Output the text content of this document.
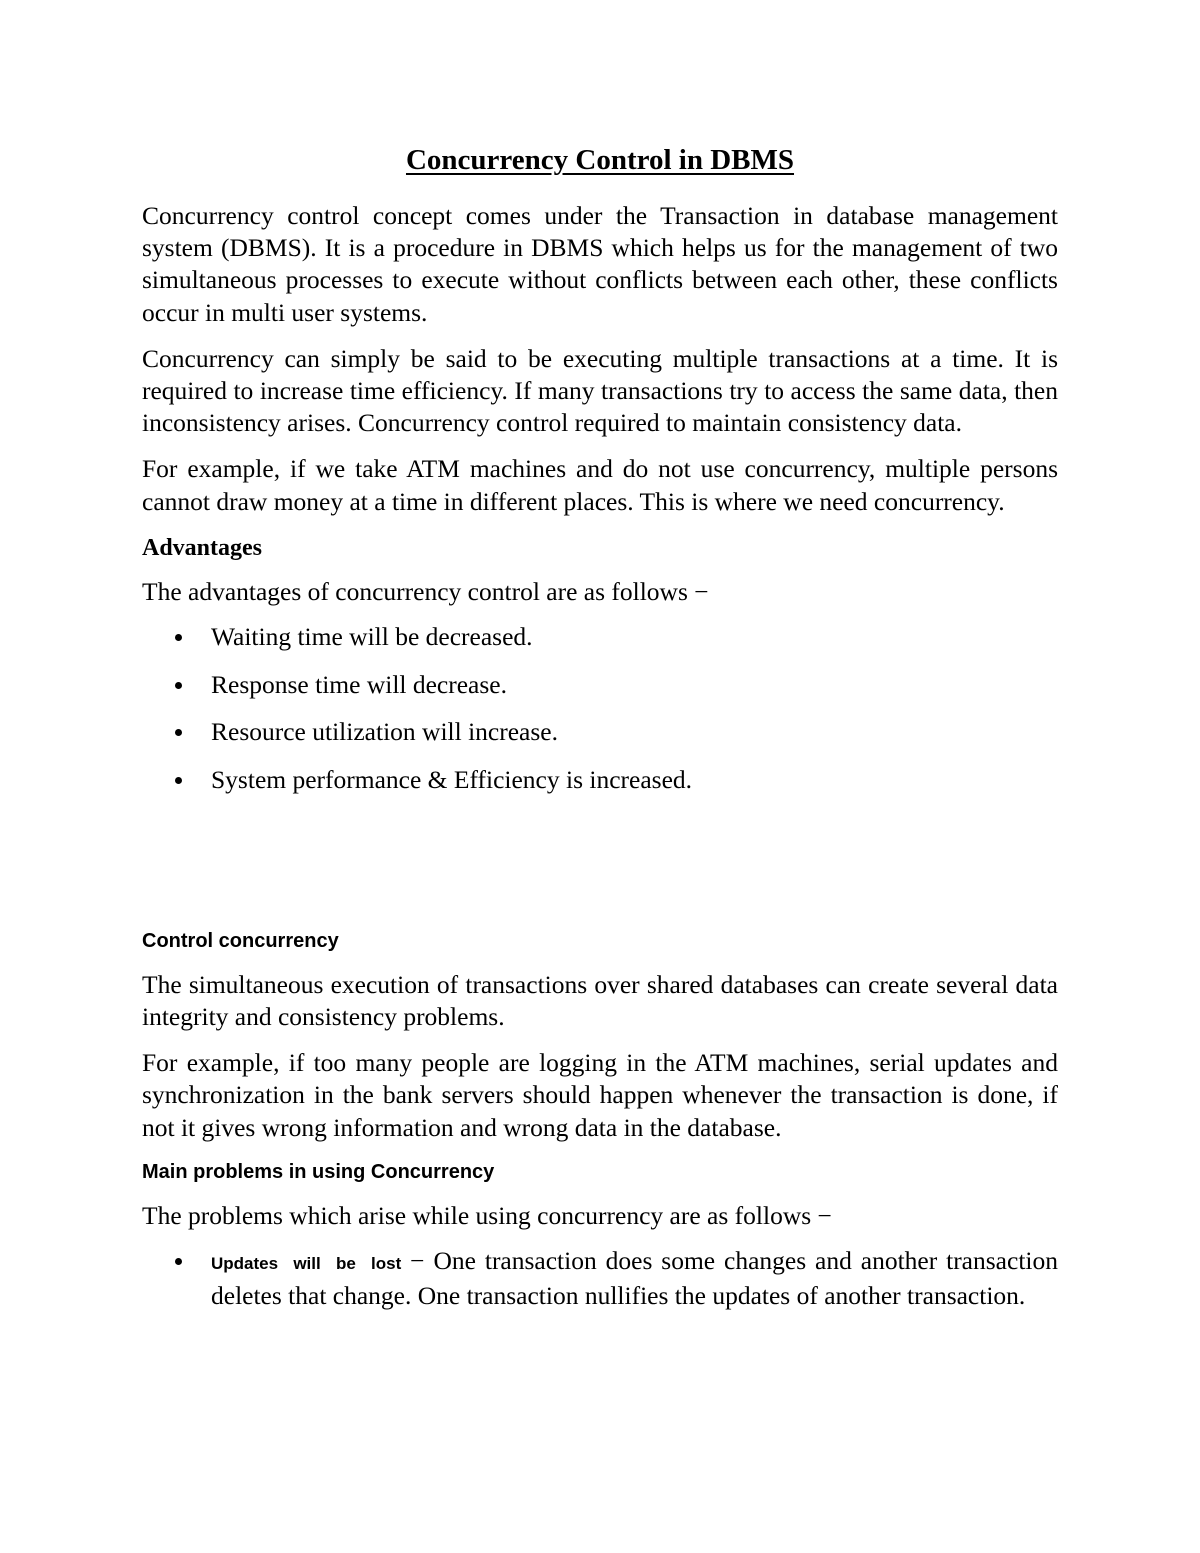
Concurrency Control in DBMS

Concurrency control concept comes under the Transaction in database management system (DBMS). It is a procedure in DBMS which helps us for the management of two simultaneous processes to execute without conflicts between each other, these conflicts occur in multi user systems.

Concurrency can simply be said to be executing multiple transactions at a time. It is required to increase time efficiency. If many transactions try to access the same data, then inconsistency arises. Concurrency control required to maintain consistency data.

For example, if we take ATM machines and do not use concurrency, multiple persons cannot draw money at a time in different places. This is where we need concurrency.

Advantages
The advantages of concurrency control are as follows −
Waiting time will be decreased.
Response time will decrease.
Resource utilization will increase.
System performance & Efficiency is increased.
Control concurrency

The simultaneous execution of transactions over shared databases can create several data integrity and consistency problems.

For example, if too many people are logging in the ATM machines, serial updates and synchronization in the bank servers should happen whenever the transaction is done, if not it gives wrong information and wrong data in the database.

Main problems in using Concurrency
The problems which arise while using concurrency are as follows −
Updates will be lost − One transaction does some changes and another transaction deletes that change. One transaction nullifies the updates of another transaction.
